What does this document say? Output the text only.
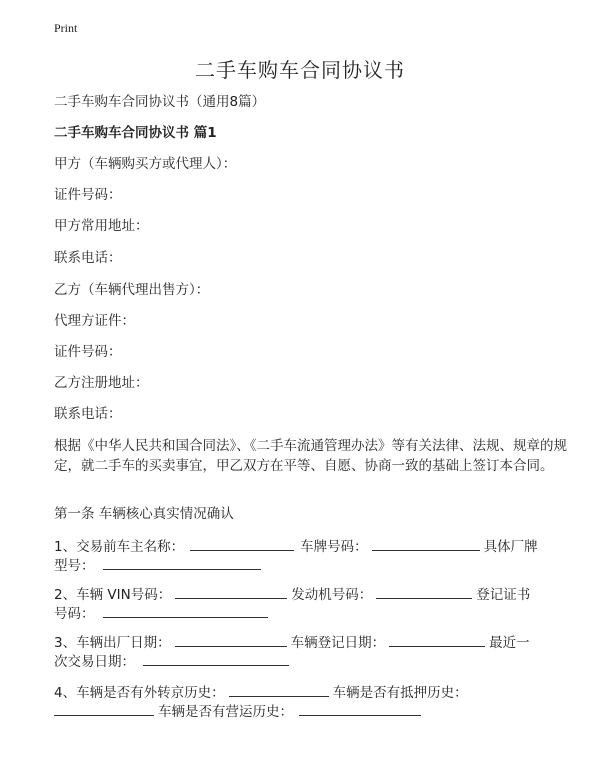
Print
二手车购车合同协议书
二手车购车合同协议书（通用8篇）
二手车购车合同协议书 篇1
甲方（车辆购买方或代理人）：
证件号码：
甲方常用地址：
联系电话：
乙方（车辆代理出售方）：
代理方证件：
证件号码：
乙方注册地址：
联系电话：
根据《中华人民共和国合同法》、《二手车流通管理办法》等有关法律、法规、规章的规定，就二手车的买卖事宜，甲乙双方在平等、自愿、协商一致的基础上签订本合同。
第一条 车辆核心真实情况确认
1、交易前车主名称：	车牌号码：	具体厂牌
型号：
2、车辆 VIN号码：	发动机号码：	登记证书
号码：
3、车辆出厂日期：	车辆登记日期：	最近一
次交易日期：
4、车辆是否有外转京历史：	车辆是否有抵押历史：
车辆是否有营运历史：
